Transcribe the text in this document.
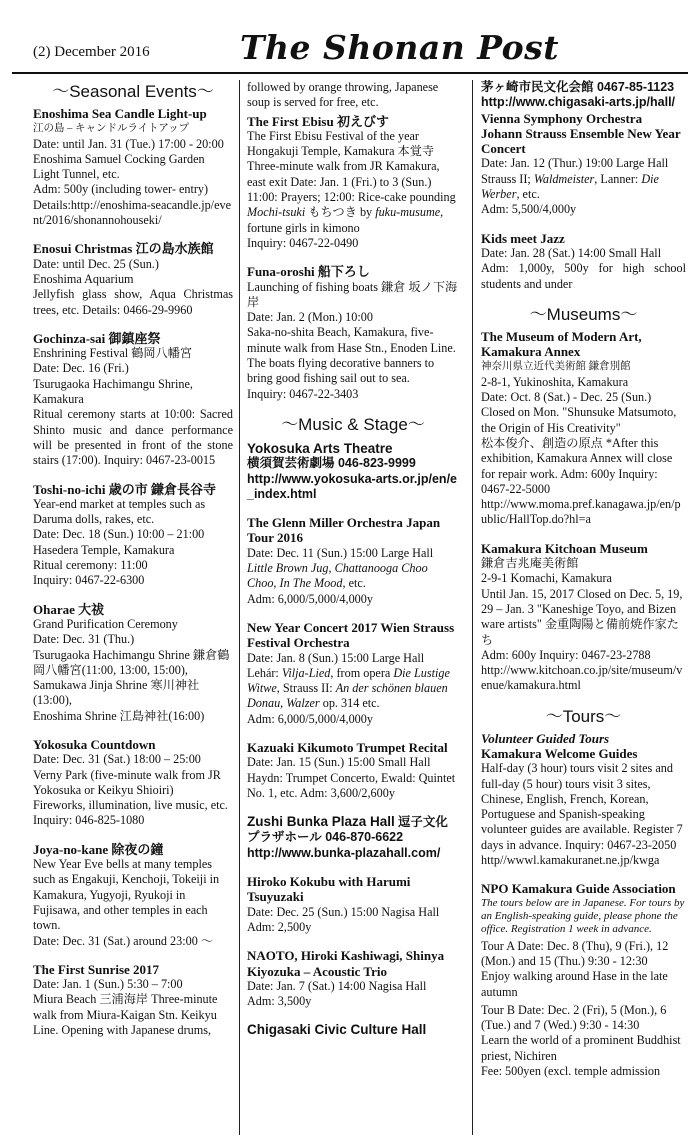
(2) December 2016	The Shonan Post
～Seasonal Events～

Enoshima Sea Candle Light-up

江の島 – キャンドルライトアップ

Date: until Jan. 31 (Tue.) 17:00 - 20:00

Enoshima Samuel Cocking Garden Light Tunnel, etc.

Adm: 500y (including tower- entry)

Details:http://enoshima-seacandle.jp/event/2016/shonannohouseki/

Enosui Christmas 江の島水族館

Date: until Dec. 25 (Sun.)

Enoshima Aquarium

Jellyfish glass show, Aqua Christmas trees, etc. Details: 0466-29-9960

Gochinza-sai 御鎮座祭

Enshrining Festival 鶴岡八幡宮

Date: Dec. 16 (Fri.)

Tsurugaoka Hachimangu Shrine, Kamakura

Ritual ceremony starts at 10:00: Sacred Shinto music and dance performance will be presented in front of the stone stairs (17:00). Inquiry: 0467-23-0015

Toshi-no-ichi 歳の市 鎌倉長谷寺

Year-end market at temples such as Daruma dolls, rakes, etc.

Date: Dec. 18 (Sun.) 10:00 – 21:00

Hasedera Temple, Kamakura

Ritual ceremony: 11:00

Inquiry: 0467-22-6300

Oharae 大祓

Grand Purification Ceremony

Date: Dec. 31 (Thu.)

Tsurugaoka Hachimangu Shrine 鎌倉鶴岡八幡宮(11:00, 13:00, 15:00),

Samukawa Jinja Shrine 寒川神社 (13:00),

Enoshima Shrine 江島神社(16:00)

Yokosuka Countdown

Date: Dec. 31 (Sat.) 18:00 – 25:00

Verny Park (five-minute walk from JR Yokosuka or Keikyu Shioiri)

Fireworks, illumination, live music, etc.

Inquiry: 046-825-1080

Joya-no-kane 除夜の鐘

New Year Eve bells at many temples such as Engakuji, Kenchoji, Tokeiji in Kamakura, Yugyoji, Ryukoji in Fujisawa, and other temples in each town.

Date: Dec. 31 (Sat.) around 23:00 ～

The First Sunrise 2017

Date: Jan. 1 (Sun.) 5:30 – 7:00

Miura Beach 三浦海岸 Three-minute walk from Miura-Kaigan Stn. Keikyu Line. Opening with Japanese drums,

followed by orange throwing, Japanese soup is served for free, etc.

The First Ebisu 初えびす

The First Ebisu Festival of the year

Hongakuji Temple, Kamakura 本覚寺

Three-minute walk from JR Kamakura, east exit Date: Jan. 1 (Fri.) to 3 (Sun.)

11:00: Prayers; 12:00: Rice-cake pounding Mochi-tsuki もちつき by fuku-musume, fortune girls in kimono

Inquiry: 0467-22-0490

Funa-oroshi 船下ろし

Launching of fishing boats 鎌倉 坂ノ下海岸

Date: Jan. 2 (Mon.) 10:00

Saka-no-shita Beach, Kamakura, five-minute walk from Hase Stn., Enoden Line. The boats flying decorative banners to bring good fishing sail out to sea.

Inquiry: 0467-22-3403

～Music & Stage～

Yokosuka Arts Theatre

横須賀芸術劇場 046-823-9999

http://www.yokosuka-arts.or.jp/en/e_index.html

The Glenn Miller Orchestra Japan Tour 2016

Date: Dec. 11 (Sun.) 15:00 Large Hall

Little Brown Jug, Chattanooga Choo Choo, In The Mood, etc.

Adm: 6,000/5,000/4,000y

New Year Concert 2017 Wien Strauss Festival Orchestra

Date: Jan. 8 (Sun.) 15:00 Large Hall

Lehár: Vilja-Lied, from opera Die Lustige Witwe, Strauss II: An der schönen blauen Donau, Walzer op. 314 etc.

Adm: 6,000/5,000/4,000y

Kazuaki Kikumoto Trumpet Recital

Date: Jan. 15 (Sun.) 15:00 Small Hall

Haydn: Trumpet Concerto, Ewald: Quintet No. 1, etc. Adm: 3,600/2,600y

Zushi Bunka Plaza Hall 逗子文化プラザホール 046-870-6622

http://www.bunka-plazahall.com/

Hiroko Kokubu with Harumi Tsuyuzaki

Date: Dec. 25 (Sun.) 15:00 Nagisa Hall

Adm: 2,500y

NAOTO, Hiroki Kashiwagi, Shinya Kiyozuka – Acoustic Trio

Date: Jan. 7 (Sat.) 14:00 Nagisa Hall

Adm: 3,500y

Chigasaki Civic Culture Hall

茅ヶ崎市民文化会館 0467-85-1123

http://www.chigasaki-arts.jp/hall/

Vienna Symphony Orchestra Johann Strauss Ensemble New Year Concert

Date: Jan. 12 (Thur.) 19:00 Large Hall

Strauss II; Waldmeister, Lanner: Die Werber, etc.

Adm: 5,500/4,000y

Kids meet Jazz

Date: Jan. 28 (Sat.) 14:00 Small Hall

Adm: 1,000y, 500y for high school students and under

～Museums～

The Museum of Modern Art, Kamakura Annex

神奈川県立近代美術館 鎌倉別館

2-8-1, Yukinoshita, Kamakura

Date: Oct. 8 (Sat.) - Dec. 25 (Sun.)

Closed on Mon. "Shunsuke Matsumoto, the Origin of His Creativity"

松本俊介、創造の原点 *After this exhibition, Kamakura Annex will close for repair work. Adm: 600y Inquiry: 0467-22-5000

http://www.moma.pref.kanagawa.jp/en/public/HallTop.do?hl=a

Kamakura Kitchoan Museum

鎌倉吉兆庵美術館

2-9-1 Komachi, Kamakura

Until Jan. 15, 2017 Closed on Dec. 5, 19, 29 – Jan. 3 "Kaneshige Toyo, and Bizen ware artists" 金重陶陽と備前焼作家たち

Adm: 600y Inquiry: 0467-23-2788

http://www.kitchoan.co.jp/site/museum/venue/kamakura.html

～Tours～

Volunteer Guided Tours

Kamakura Welcome Guides

Half-day (3 hour) tours visit 2 sites and full-day (5 hour) tours visit 3 sites, Chinese, English, French, Korean, Portuguese and Spanish-speaking volunteer guides are available. Register 7 days in advance. Inquiry: 0467-23-2050

http//wwwl.kamakuranet.ne.jp/kwga

NPO Kamakura Guide Association

The tours below are in Japanese. For tours by an English-speaking guide, please phone the office. Registration 1 week in advance.

Tour A Date: Dec. 8 (Thu), 9 (Fri.), 12 (Mon.) and 15 (Thu.) 9:30 - 12:30

Enjoy walking around Hase in the late autumn

Tour B Date: Dec. 2 (Fri), 5 (Mon.), 6 (Tue.) and 7 (Wed.) 9:30 - 14:30

Learn the world of a prominent Buddhist priest, Nichiren

Fee: 500yen (excl. temple admission
